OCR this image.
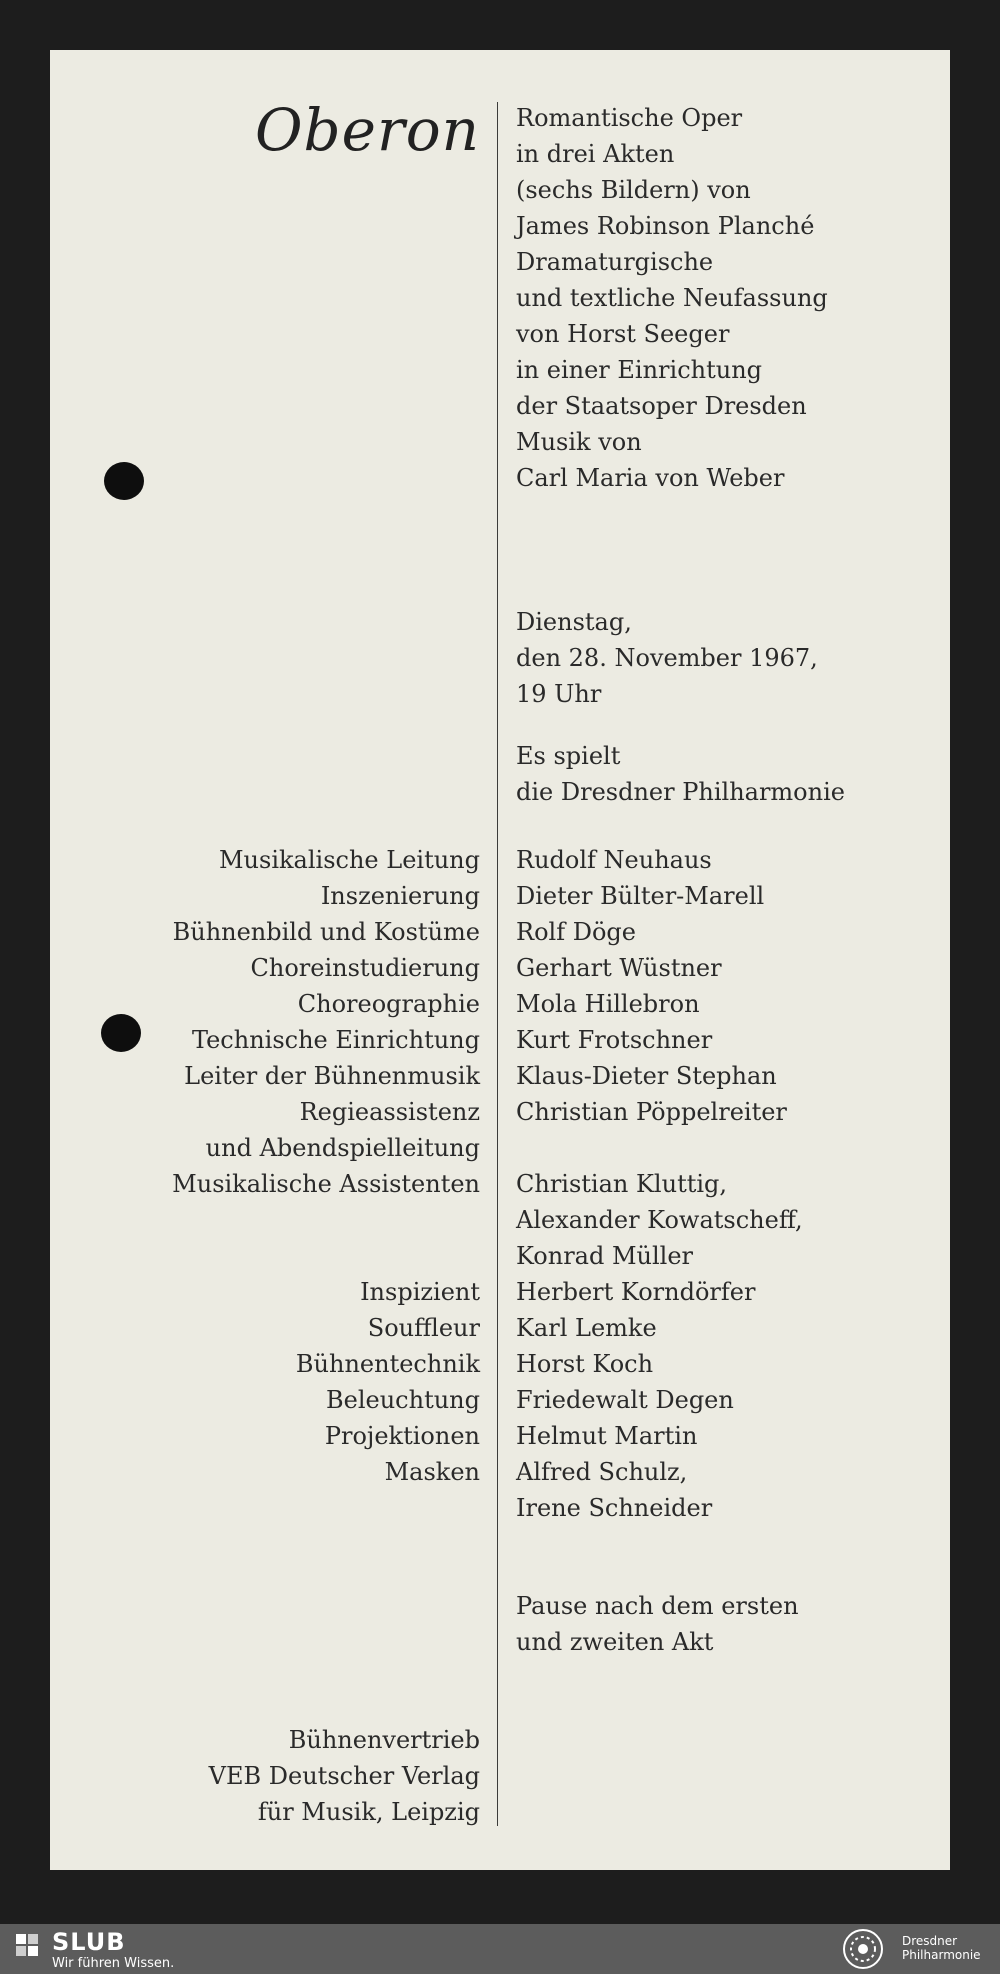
Oberon Romantische Oper
in drei Akten
(sechs Bildern) von
James Robinson Planché
Dramaturgische
und textliche Neufassung
von Horst Seeger
in einer Einrichtung
der Staatsoper Dresden
Musik von
Carl Maria von Weber
Dienstag,
den 28. November 1967,
19 Uhr
Es spielt
die Dresdner Philharmonie
Musikalische Leitung
Inszenierung
Bühnenbild und Kostüme
Choreinstudierung
Choreographie
Technische Einrichtung
Leiter der Bühnenmusik
Regieassistenz
und Abendspielleitung
Musikalische Assistenten
Rudolf Neuhaus
Dieter Bülter-Marell
Rolf Döge
Gerhart Wüstner
Mola Hillebron
Kurt Frotschner
Klaus-Dieter Stephan
Christian Pöppelreiter
Christian Kluttig,
Alexander Kowatscheff,
Konrad Müller
Inspizient
Souffleur
Bühnentechnik
Beleuchtung
Projektionen
Masken
Herbert Korndörfer
Karl Lemke
Horst Koch
Friedewalt Degen
Helmut Martin
Alfred Schulz,
Irene Schneider
Pause nach dem ersten
und zweiten Akt
Bühnenvertrieb
VEB Deutscher Verlag
für Musik, Leipzig
SLUB
Wir führen Wissen.
Dresdner
Philharmonie
